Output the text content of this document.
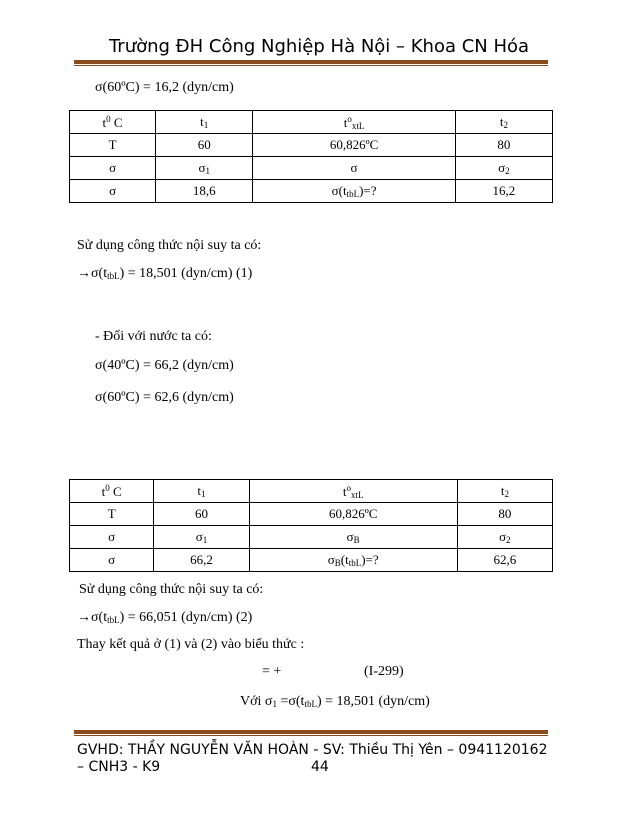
Trường ĐH Công Nghiệp Hà Nội – Khoa CN Hóa
σ(60ºC) = 16,2 (dyn/cm)
$t^0$ C	$t_1$	$t^o_{xtL}$	$t_2$
T	60	60,826ºC	80
σ	$\sigma_1$	σ	$\sigma_2$
σ	18,6	$\sigma(t_{tbL})=$?	16,2
Sử dụng công thức nội suy ta có:
$\to\sigma(t_{tbL}) = 18,501$ (dyn/cm) (1)
- Đối với nước ta có:
σ(40ºC) = 66,2 (dyn/cm)
σ(60ºC) = 62,6 (dyn/cm)
$t^0$ C	$t_1$	$t^o_{xtL}$	$t_2$
T	60	60,826ºC	80
σ	$\sigma_1$	$\sigma_B$	$\sigma_2$
σ	66,2	$\sigma_B(t_{tbL})=$?	62,6
Sử dụng công thức nội suy ta có:
$\to\sigma(t_{tbL}) = 66,051$ (dyn/cm) (2)
Thay kết quả ở (1) và (2) vào biểu thức :
= +	(I-299)
Với $\sigma_1 =\sigma(t_{tbL}) = 18,501$ (dyn/cm)
GVHD: THẦY NGUYỄN VĂN HOÀN - SV: Thiều Thị Yên – 0941120162
– CNH3 - K9	44
